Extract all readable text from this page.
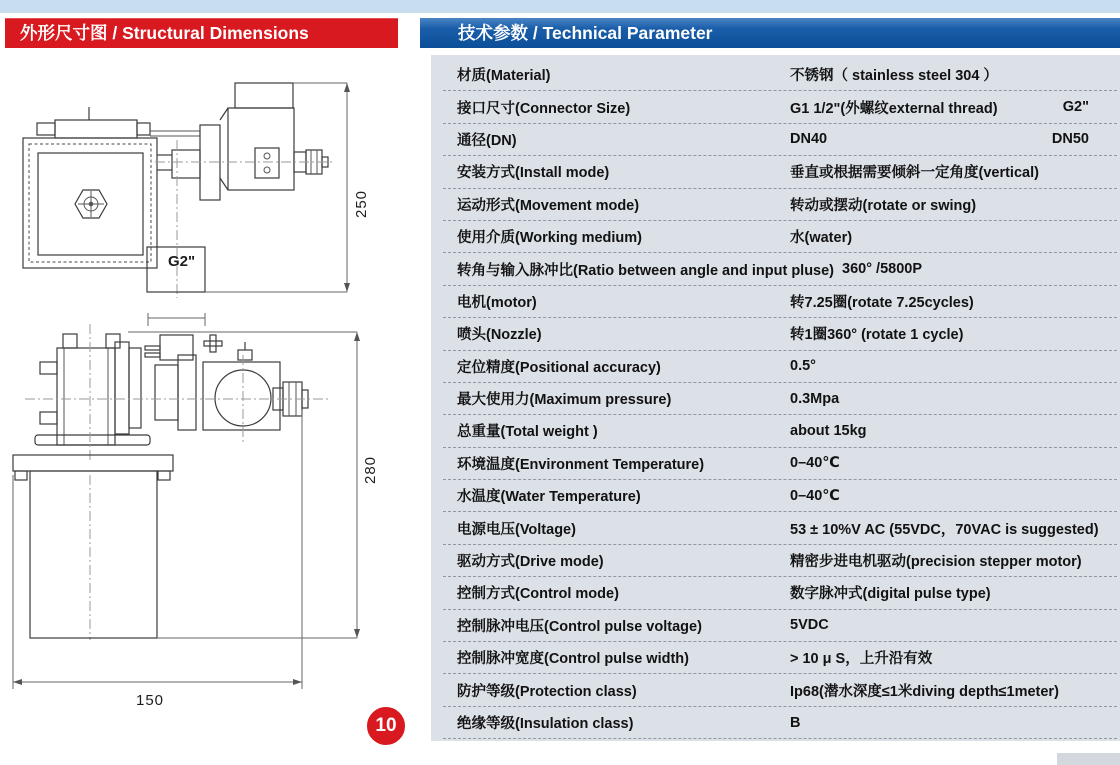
外形尺寸图 / Structural Dimensions	技术参数 / Technical Parameter
G2"
250
280
150
材质(Material)	不锈钢（ stainless steel 304 ）
接口尺寸(Connector Size)	G1 1/2"(外螺纹external thread)	G2"
通径(DN)	DN40	DN50
安装方式(Install mode)	垂直或根据需要倾斜一定角度(vertical)
运动形式(Movement mode)	转动或摆动(rotate or swing)
使用介质(Working medium)	水(water)
转角与输入脉冲比(Ratio between angle and input pluse) 360° /5800P
电机(motor)	转7.25圈(rotate 7.25cycles)
喷头(Nozzle)	转1圈360° (rotate 1 cycle)
定位精度(Positional accuracy)	0.5°
最大使用力(Maximum pressure)	0.3Mpa
总重量(Total weight )	about 15kg
环境温度(Environment Temperature)	0–40℃
水温度(Water Temperature)	0–40℃
电源电压(Voltage)	53 ± 10%V AC (55VDC，70VAC is suggested)
驱动方式(Drive mode)	精密步进电机驱动(precision stepper motor)
控制方式(Control mode)	数字脉冲式(digital pulse type)
控制脉冲电压(Control pulse voltage)	5VDC
控制脉冲宽度(Control pulse width)	> 10 μ S，上升沿有效
防护等级(Protection class)	Ip68(潜水深度≤1米diving depth≤1meter)
绝缘等级(Insulation class)	B
10
